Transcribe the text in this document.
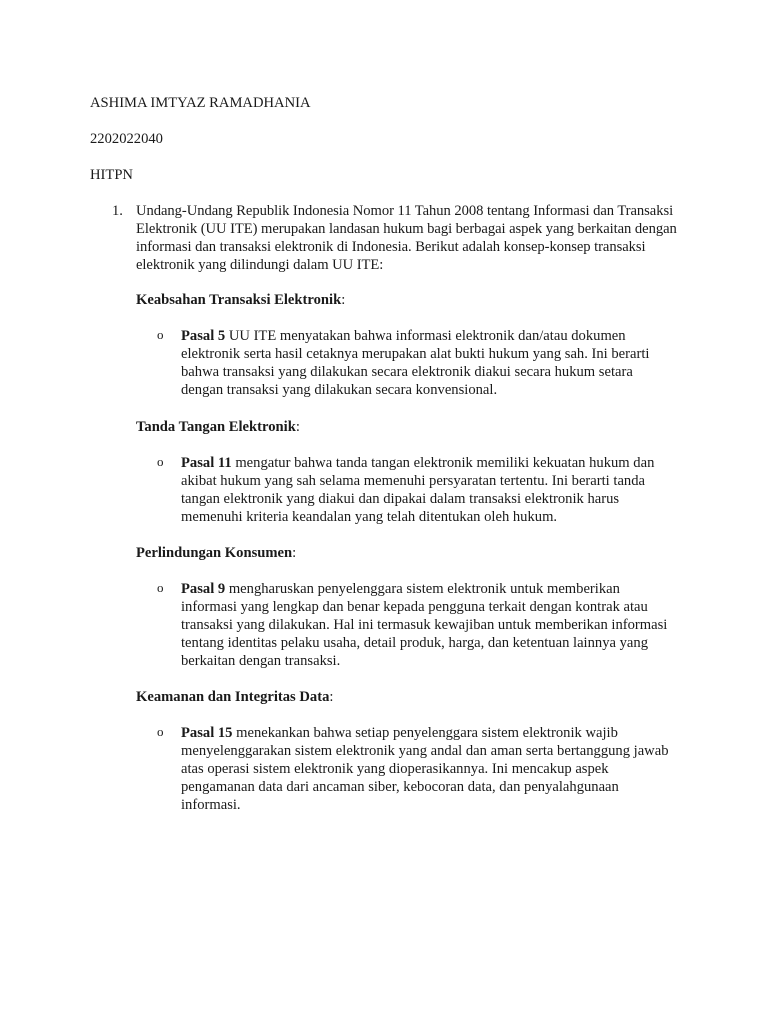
ASHIMA IMTYAZ RAMADHANIA
2202022040
HITPN
1. Undang-Undang Republik Indonesia Nomor 11 Tahun 2008 tentang Informasi dan Transaksi Elektronik (UU ITE) merupakan landasan hukum bagi berbagai aspek yang berkaitan dengan informasi dan transaksi elektronik di Indonesia. Berikut adalah konsep-konsep transaksi elektronik yang dilindungi dalam UU ITE:
Keabsahan Transaksi Elektronik:
o Pasal 5 UU ITE menyatakan bahwa informasi elektronik dan/atau dokumen elektronik serta hasil cetaknya merupakan alat bukti hukum yang sah. Ini berarti bahwa transaksi yang dilakukan secara elektronik diakui secara hukum setara dengan transaksi yang dilakukan secara konvensional.
Tanda Tangan Elektronik:
o Pasal 11 mengatur bahwa tanda tangan elektronik memiliki kekuatan hukum dan akibat hukum yang sah selama memenuhi persyaratan tertentu. Ini berarti tanda tangan elektronik yang diakui dan dipakai dalam transaksi elektronik harus memenuhi kriteria keandalan yang telah ditentukan oleh hukum.
Perlindungan Konsumen:
o Pasal 9 mengharuskan penyelenggara sistem elektronik untuk memberikan informasi yang lengkap dan benar kepada pengguna terkait dengan kontrak atau transaksi yang dilakukan. Hal ini termasuk kewajiban untuk memberikan informasi tentang identitas pelaku usaha, detail produk, harga, dan ketentuan lainnya yang berkaitan dengan transaksi.
Keamanan dan Integritas Data:
o Pasal 15 menekankan bahwa setiap penyelenggara sistem elektronik wajib menyelenggarakan sistem elektronik yang andal dan aman serta bertanggung jawab atas operasi sistem elektronik yang dioperasikannya. Ini mencakup aspek pengamanan data dari ancaman siber, kebocoran data, dan penyalahgunaan informasi.
